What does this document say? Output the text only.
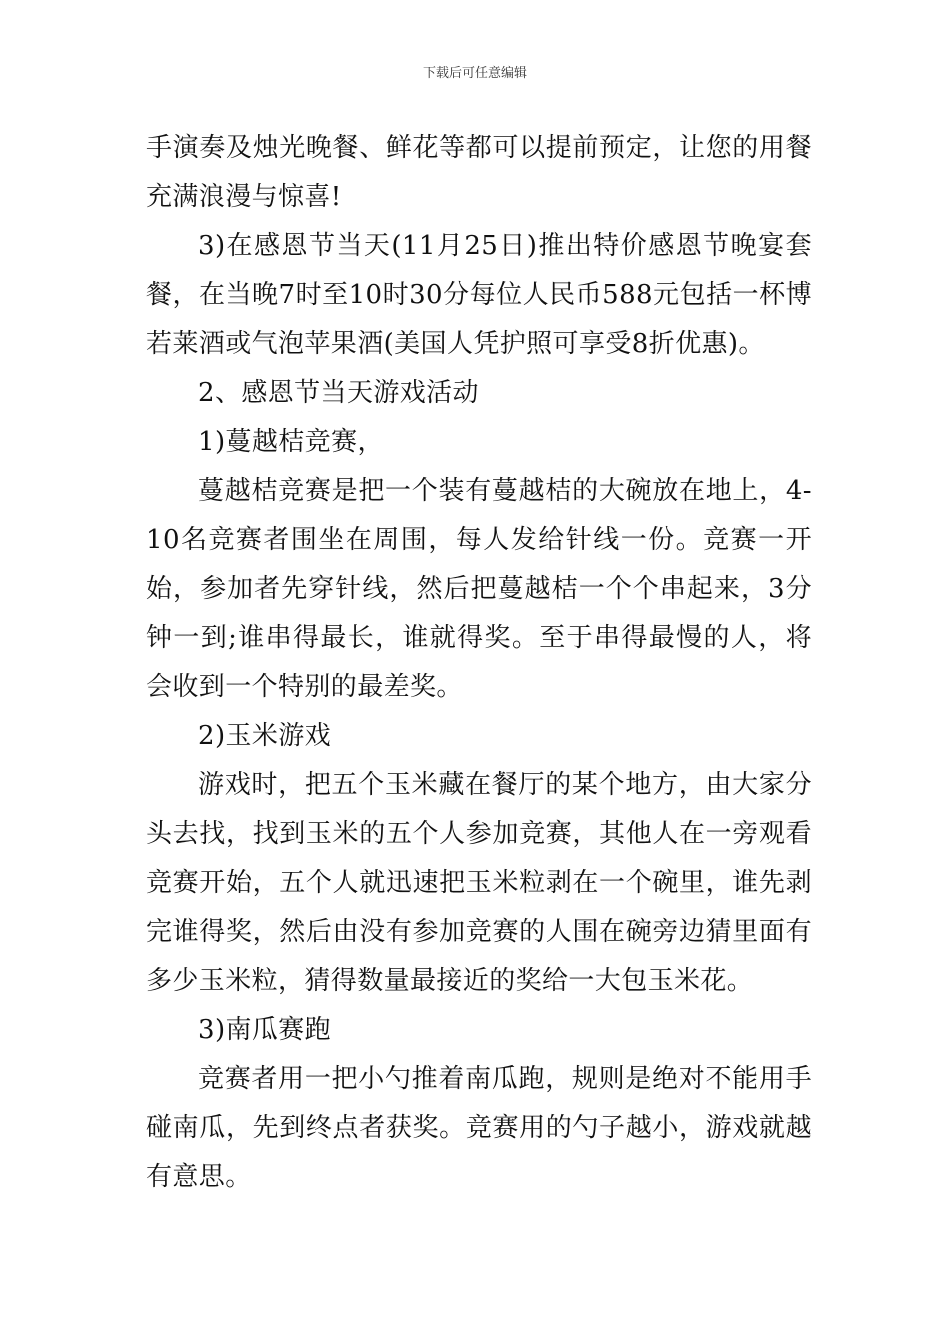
下载后可任意编辑

手演奏及烛光晚餐、鲜花等都可以提前预定，让您的用餐充满浪漫与惊喜!

3)在感恩节当天(11月25日)推出特价感恩节晚宴套餐，在当晚7时至10时30分每位人民币588元包括一杯博若莱酒或气泡苹果酒(美国人凭护照可享受8折优惠)。

2、感恩节当天游戏活动

1)蔓越桔竞赛，

蔓越桔竞赛是把一个装有蔓越桔的大碗放在地上，4-10名竞赛者围坐在周围，每人发给针线一份。竞赛一开始，参加者先穿针线，然后把蔓越桔一个个串起来，3分钟一到;谁串得最长，谁就得奖。至于串得最慢的人，将会收到一个特别的最差奖。

2)玉米游戏

游戏时，把五个玉米藏在餐厅的某个地方，由大家分头去找，找到玉米的五个人参加竞赛，其他人在一旁观看竞赛开始，五个人就迅速把玉米粒剥在一个碗里，谁先剥完谁得奖，然后由没有参加竞赛的人围在碗旁边猜里面有多少玉米粒，猜得数量最接近的奖给一大包玉米花。

3)南瓜赛跑

竞赛者用一把小勺推着南瓜跑，规则是绝对不能用手碰南瓜，先到终点者获奖。竞赛用的勺子越小，游戏就越有意思。
